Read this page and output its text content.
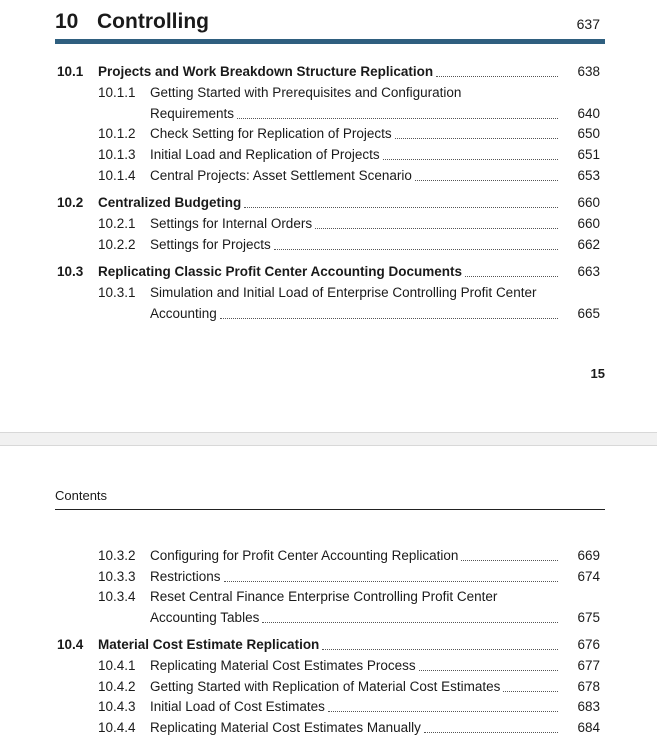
10 Controlling	637
10.1 Projects and Work Breakdown Structure Replication	638
10.1.1 Getting Started with Prerequisites and Configuration
Requirements	640
10.1.2 Check Setting for Replication of Projects	650
10.1.3 Initial Load and Replication of Projects	651
10.1.4 Central Projects: Asset Settlement Scenario	653
10.2 Centralized Budgeting	660
10.2.1 Settings for Internal Orders	660
10.2.2 Settings for Projects	662
10.3 Replicating Classic Profit Center Accounting Documents	663
10.3.1 Simulation and Initial Load of Enterprise Controlling Profit Center
Accounting	665
15
Contents
10.3.2 Configuring for Profit Center Accounting Replication	669
10.3.3 Restrictions	674
10.3.4 Reset Central Finance Enterprise Controlling Profit Center
Accounting Tables	675
10.4 Material Cost Estimate Replication	676
10.4.1 Replicating Material Cost Estimates Process	677
10.4.2 Getting Started with Replication of Material Cost Estimates	678
10.4.3 Initial Load of Cost Estimates	683
10.4.4 Replicating Material Cost Estimates Manually	684
